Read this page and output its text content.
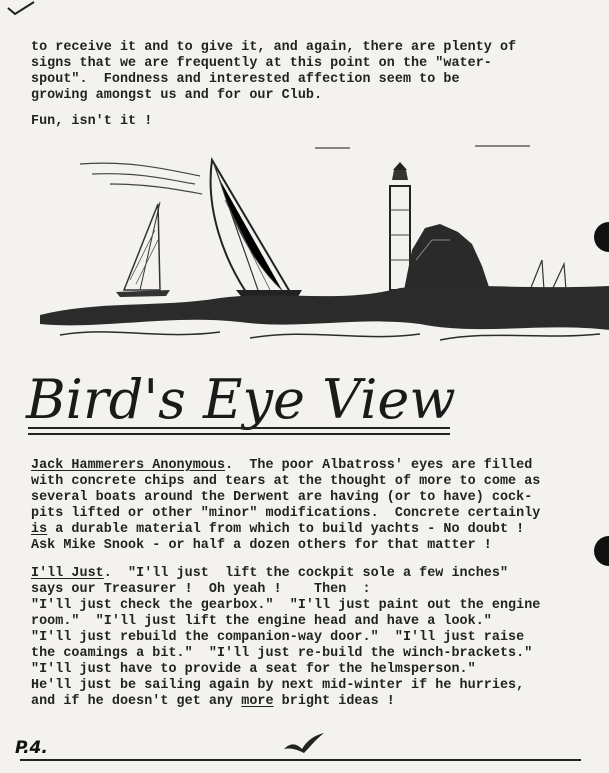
to receive it and to give it, and again, there are plenty of
signs that we are frequently at this point on the "water-
spout".  Fondness and interested affection seem to be
growing amongst us and for our Club.
Fun, isn't it !
Bird's Eye View
Jack Hammerers Anonymous.  The poor Albatross' eyes are filled
with concrete chips and tears at the thought of more to come as
several boats around the Derwent are having (or to have) cock-
pits lifted or other "minor" modifications.  Concrete certainly
is a durable material from which to build yachts - No doubt !
Ask Mike Snook - or half a dozen others for that matter !
I'll Just.  "I'll just  lift the cockpit sole a few inches"
says our Treasurer !  Oh yeah !    Then  :
"I'll just check the gearbox."  "I'll just paint out the engine
room."  "I'll just lift the engine head and have a look."
"I'll just rebuild the companion-way door."  "I'll just raise
the coamings a bit."  "I'll just re-build the winch-brackets."
"I'll just have to provide a seat for the helmsperson."
He'll just be sailing again by next mid-winter if he hurries,
and if he doesn't get any more bright ideas !
P.4.
